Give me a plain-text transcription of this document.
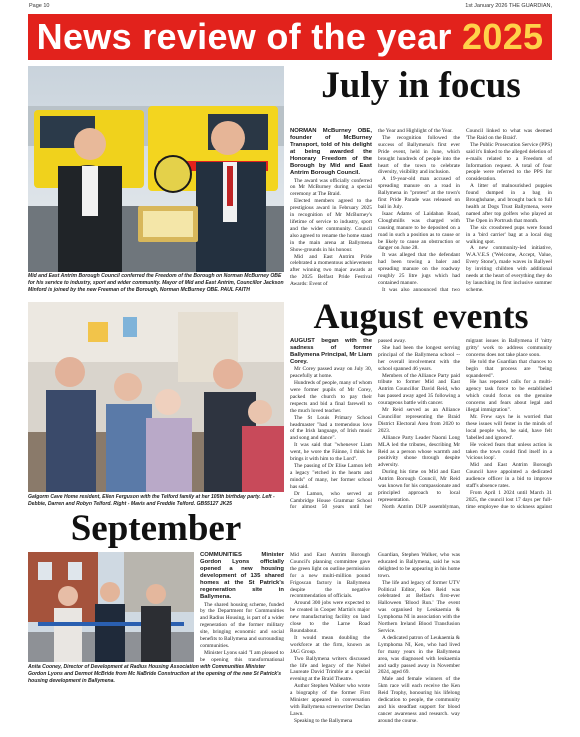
Page 10	1st January 2026 THE GUARDIAN,
News review of the year 2025
Mid and East Antrim Borough Council conferred the Freedom of the Borough on Norman McBurney OBE for his service to industry, sport and wider community. Mayor of Mid and East Antrim, Councillor Jackson Minford is joined by the new Freeman of the Borough, Norman McBurney OBE. PAUL FAITH
July in focus

NORMAN McBurney OBE, founder of McBurney Transport, told of his delight at being awarded the Honorary Freedom of the Borough by Mid and East Antrim Borough Council.

The award was officially conferred on Mr McBurney during a special ceremony at The Braid.

Elected members agreed to the prestigious award in February 2025 in recognition of Mr McBurney's lifetime of service to industry, sport and the wider community. Council also agreed to rename the home stand in the main arena at Ballymena Show-grounds in his honour.

Mid and East Antrim Pride celebrated a momentous achievement after winning two major awards at the 2025 Belfast Pride Festival Awards: Event of

the Year and Highlight of the Year.

The recognition followed the success of Ballymena's first ever Pride event, held in June, which brought hundreds of people into the heart of the town to celebrate diversity, visibility and inclusion.

A 19-year-old man accused of spreading manure on a road in Ballymena in "protest" at the town's first Pride Parade was released on bail in July.

Isaac Adams of Laidaban Road, Cloughmills was charged with causing manure to be deposited on a road in such a position as to cause or be likely to cause an obstruction or danger on June 28.

It was alleged that the defendant had been towing a baler and spreading manure on the roadway roughly 25 litre jugs which had contained manure.

It was also announced that two

Council linked to what was deemed 'The Raid on the Braid'.

The Public Prosecution Service (PPS) said it's linked to the alleged deletion of e-mails related to a Freedom of Information request. A total of four people were referred to the PPS for consideration.

A litter of malnourished puppies found dumped in a bag in Broughshane, and brought back to full health at Dogs Trust Ballymena, were named after top golfers who played at The Open in Portrush that month.

The six crossbreed pups were found in a 'bird carrier' bag at a local dog walking spot.

A new community-led initiative, W.A.V.E.S ('Welcome, Accept, Value, Every Stone'), made waves in Ballyeel by inviting children with additional needs at the heart of everything they do by launching its first inclusive summer scheme.

Galgorm Cave Home resident, Ellen Ferguson with the Telford family at her 105th birthday party. Left - Debbie, Darren and Robyn Telford. Right - Mavis and Freddie Telford. GB55127 JK25
August events

AUGUST began with the sadness of former Ballymena Principal, Mr Liam Corey.

Mr Corey passed away on July 30, peacefully at home.

Hundreds of people, many of whom were former pupils of Mr Corey, packed the church to pay their respects and bid a final farewell to the much loved teacher.

The St Louis Primary School headmaster "had a tremendous love of the Irish language, of Irish music and song and dance".

It was said that "whenever Liam went, he wore the Fáinne, I think he brings it with him to the Lord".

The passing of Dr Elise Lamon left a legacy "etched in the hearts and minds" of many, her former school has said.

Dr Lamon, who served at Cambridge House Grammar School for almost 50 years until her

passed away.

She had been the longest serving principal of the Ballymena school -- her overall involvement with the school spanned 46 years.

Members of the Alliance Party paid tribute to former Mid and East Antrim Councillor David Reid, who has passed away aged 35 following a courageous battle with cancer.

Mr Reid served as an Alliance Councillor representing the Braid District Electoral Area from 2020 to 2023.

Alliance Party Leader Naomi Long MLA led the tributes, describing Mr Reid as a person whose warmth and positivity shone through despite adversity.

During his time on Mid and East Antrim Borough Council, Mr Reid was known for his compassionate and principled approach to local representation.

North Antrim DUP assemblyman,

migrant issues in Ballymena if 'nitty gritty' work to address community concerns does not take place soon.

He told the Guardian that chances to begin that process are "being squandered".

He has repeated calls for a multi-agency task force to be established which could focus on the genuine concerns and fears about legal and illegal immigration".

Mr. Frew says he is worried that these issues will fester in the minds of local people who, he said, have felt 'labelled and ignored'.

He voiced fears that unless action is taken the town could find itself in a 'vicious loop'.

Mid and East Antrim Borough Council have appointed a dedicated audience officer in a bid to improve staff's absence rates.

From April 1 2024 until March 31 2025, the council lost 17 days per full-time employee due to sickness against

September
Anita Cooney, Director of Development at Radius Housing Association with Communities Minister Gordon Lyons and Dermot McBride from Mc NaBride Construction at the opening of the new St Patrick's housing development in Ballymena.

COMMUNITIES Minister Gordon Lyons officially opened a new housing development of 135 shared homes at the St Patrick's regeneration site in Ballymena.

The shared housing scheme, funded by the Department for Communities and Radius Housing, is part of a wider regeneration of the former military site, bringing economic and social benefits to Ballymena and surrounding communities.

Minister Lyons said "I am pleased to be opening this transformational

Mid and East Antrim Borough Council's planning committee gave the green light on outline permission for a new multi-million pound Frigoscan factory in Ballymena despite the negative recommendation of officials.

Around 300 jobs were expected to be created in Cooper Martin's major new manufacturing facility on land close to the Larne Road Roundabout.

It would mean doubling the workforce at the firm, known as JAG Group.

Two Ballymena writers discussed the life and legacy of the Nobel Laureate David Trimble at a special evening at the Braid Theatre.

Author Stephen Walker who wrote a biography of the former First Minister appeared in conversation with Ballymena screenwriter Declan Lawn.

Speaking to the Ballymena

Guardian, Stephen Walker, who was educated in Ballymena, said he was delighted to be appearing in his home town.

The life and legacy of former UTV Political Editor, Ken Reid was celebrated at Belfast's first-ever Halloween 'Blood Run.' The event was organised by Leukaemia & Lymphoma NI in association with the Northern Ireland Blood Transfusion Service.

A dedicated patron of Leukaemia & Lymphoma NI, Ken, who had lived for many years in the Ballymena area, was diagnosed with leukaemia and sadly passed away in November 2024, aged 69.

Male and female winners of the 5km race will each receive the Ken Reid Trophy, honouring his lifelong dedication to people, the community and his steadfast support for blood cancer awareness and research. way around the course.
